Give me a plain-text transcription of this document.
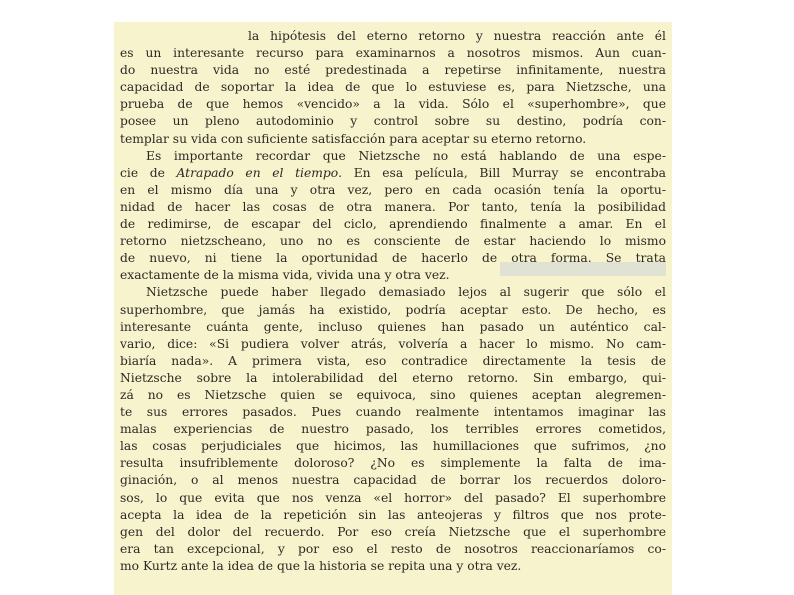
la hipótesis del eterno retorno y nuestra reacción ante él
es un interesante recurso para examinarnos a nosotros mismos. Aun cuan-
do nuestra vida no esté predestinada a repetirse infinitamente, nuestra
capacidad de soportar la idea de que lo estuviese es, para Nietzsche, una
prueba de que hemos «vencido» a la vida. Sólo el «superhombre», que
posee un pleno autodominio y control sobre su destino, podría con-
templar su vida con suficiente satisfacción para aceptar su eterno retorno.
Es importante recordar que Nietzsche no está hablando de una espe-
cie de Atrapado en el tiempo. En esa película, Bill Murray se encontraba
en el mismo día una y otra vez, pero en cada ocasión tenía la oportu-
nidad de hacer las cosas de otra manera. Por tanto, tenía la posibilidad
de redimirse, de escapar del ciclo, aprendiendo finalmente a amar. En el
retorno nietzscheano, uno no es consciente de estar haciendo lo mismo
de nuevo, ni tiene la oportunidad de hacerlo de otra forma. Se trata
exactamente de la misma vida, vivida una y otra vez.
Nietzsche puede haber llegado demasiado lejos al sugerir que sólo el
superhombre, que jamás ha existido, podría aceptar esto. De hecho, es
interesante cuánta gente, incluso quienes han pasado un auténtico cal-
vario, dice: «Si pudiera volver atrás, volvería a hacer lo mismo. No cam-
biaría nada». A primera vista, eso contradice directamente la tesis de
Nietzsche sobre la intolerabilidad del eterno retorno. Sin embargo, qui-
zá no es Nietzsche quien se equivoca, sino quienes aceptan alegremen-
te sus errores pasados. Pues cuando realmente intentamos imaginar las
malas experiencias de nuestro pasado, los terribles errores cometidos,
las cosas perjudiciales que hicimos, las humillaciones que sufrimos, ¿no
resulta insufriblemente doloroso? ¿No es simplemente la falta de ima-
ginación, o al menos nuestra capacidad de borrar los recuerdos doloro-
sos, lo que evita que nos venza «el horror» del pasado? El superhombre
acepta la idea de la repetición sin las anteojeras y filtros que nos prote-
gen del dolor del recuerdo. Por eso creía Nietzsche que el superhombre
era tan excepcional, y por eso el resto de nosotros reaccionaríamos co-
mo Kurtz ante la idea de que la historia se repita una y otra vez.
